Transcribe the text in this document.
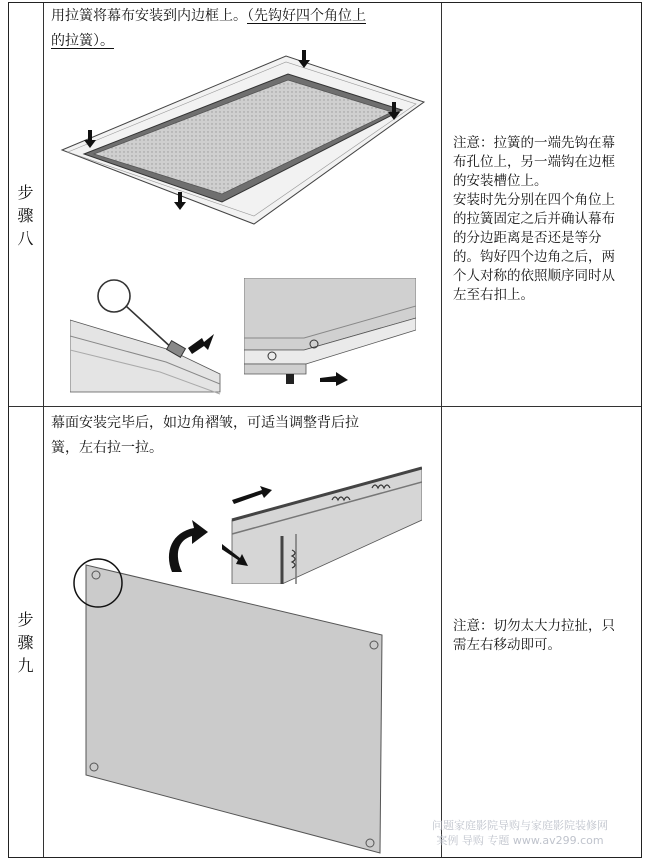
步
骤
八
用拉簧将幕布安装到内边框上。（先钩好四个角位上
的拉簧）。
注意：拉簧的一端先钩在幕
布孔位上，另一端钩在边框
的安装槽位上。
安装时先分别在四个角位上
的拉簧固定之后并确认幕布
的分边距离是否还是等分
的。钩好四个边角之后，两
个人对称的依照顺序同时从
左至右扣上。
步
骤
九
幕面安装完毕后，如边角褶皱，可适当调整背后拉
簧，左右拉一拉。
注意：切勿太大力拉扯，只
需左右移动即可。
问题家庭影院导购与家庭影院装修网
案例 导购 专题 www.av299.com
